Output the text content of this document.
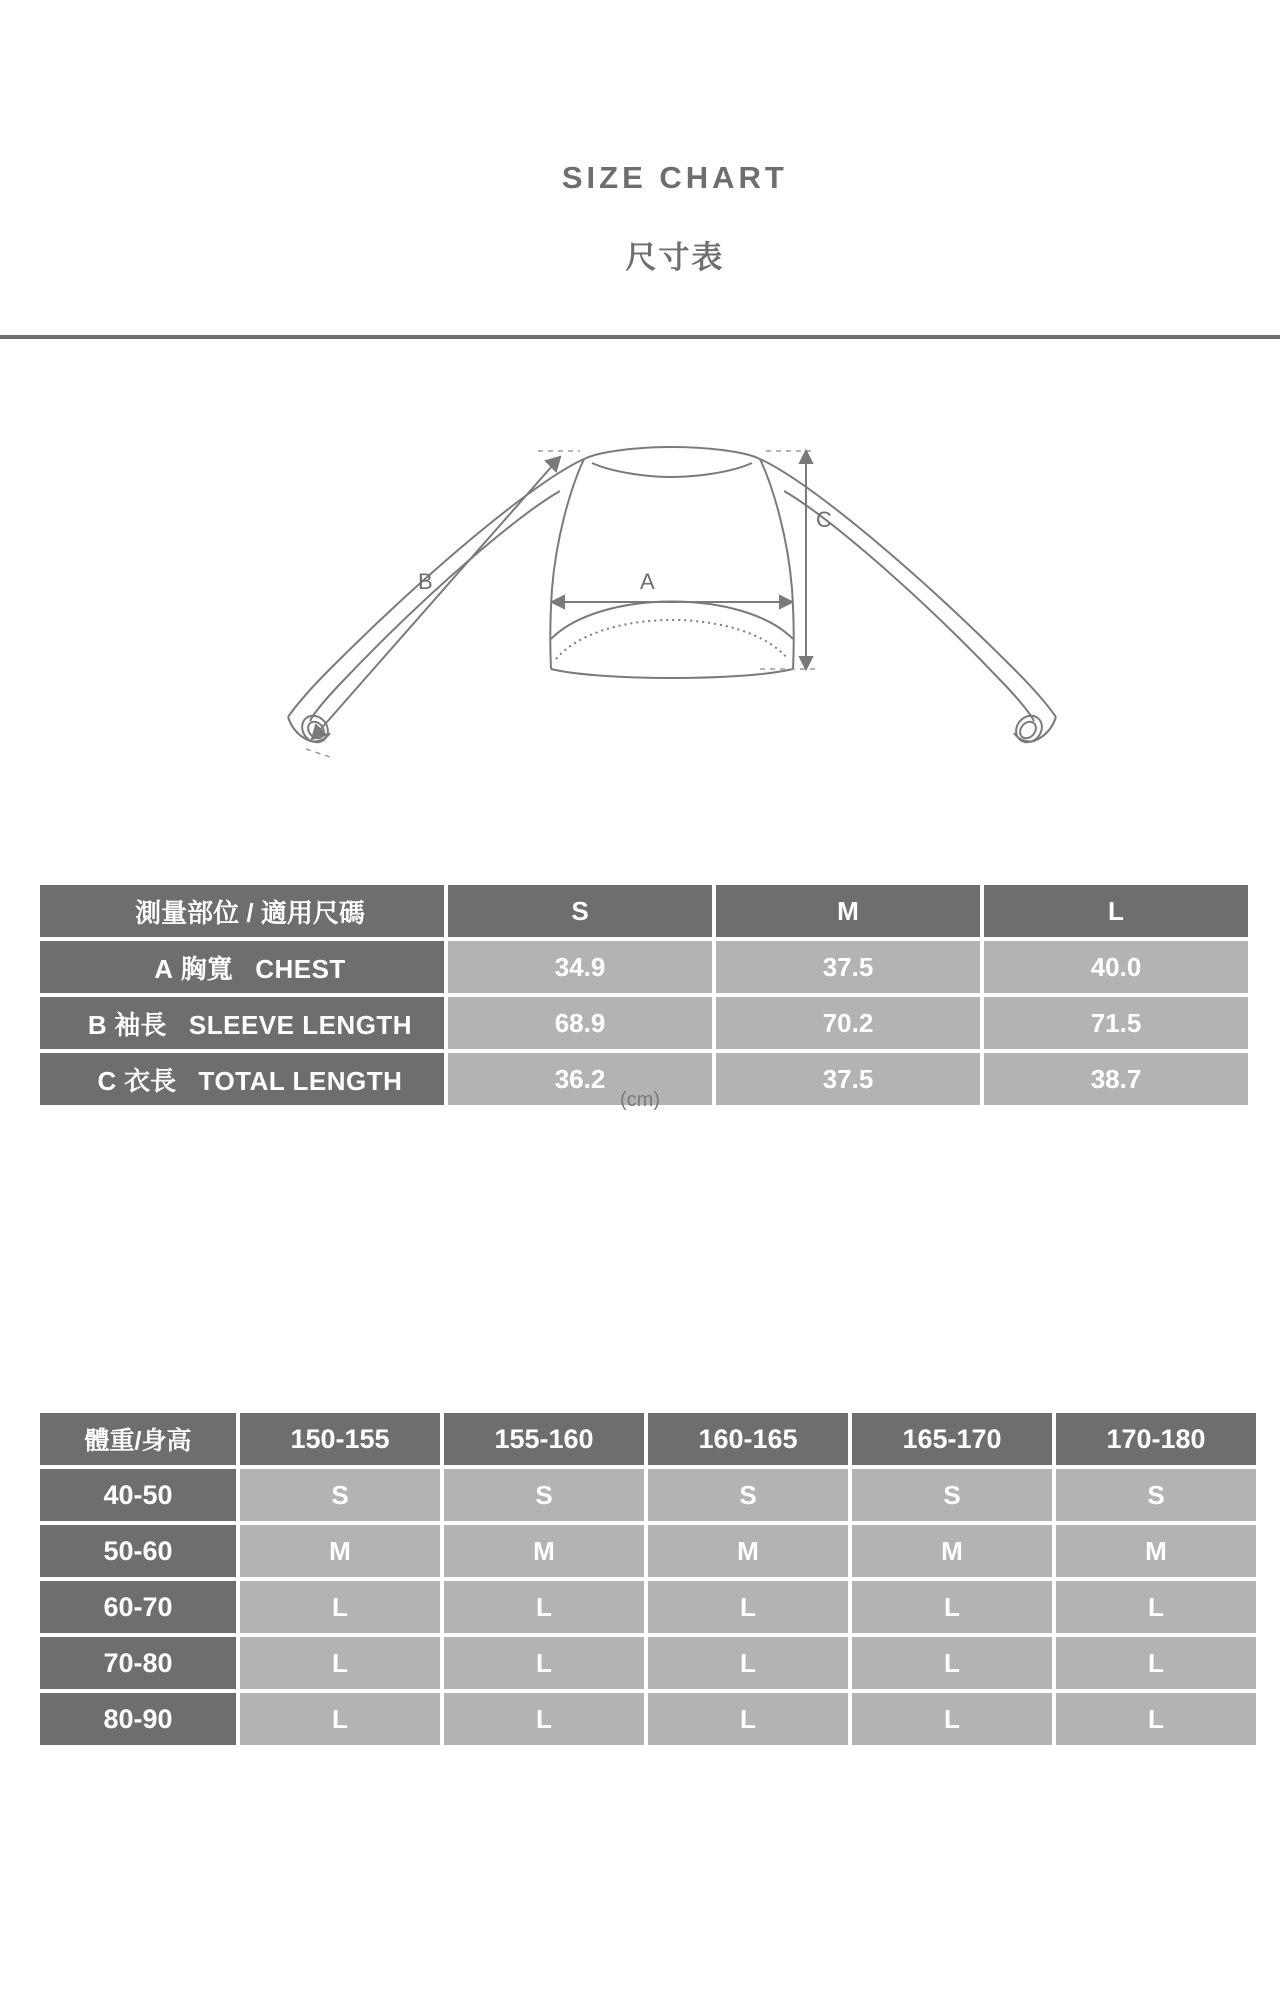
SIZE CHART

尺寸表

A
B
C
(cm)
測量部位 / 適用尺碼	S	M	L
A 胸寬 CHEST	34.9	37.5	40.0
B 袖長 SLEEVE LENGTH	68.9	70.2	71.5
C 衣長 TOTAL LENGTH	36.2	37.5	38.7
體重/身高	150-155	155-160	160-165	165-170	170-180
40-50	S	S	S	S	S
50-60	M	M	M	M	M
60-70	L	L	L	L	L
70-80	L	L	L	L	L
80-90	L	L	L	L	L
